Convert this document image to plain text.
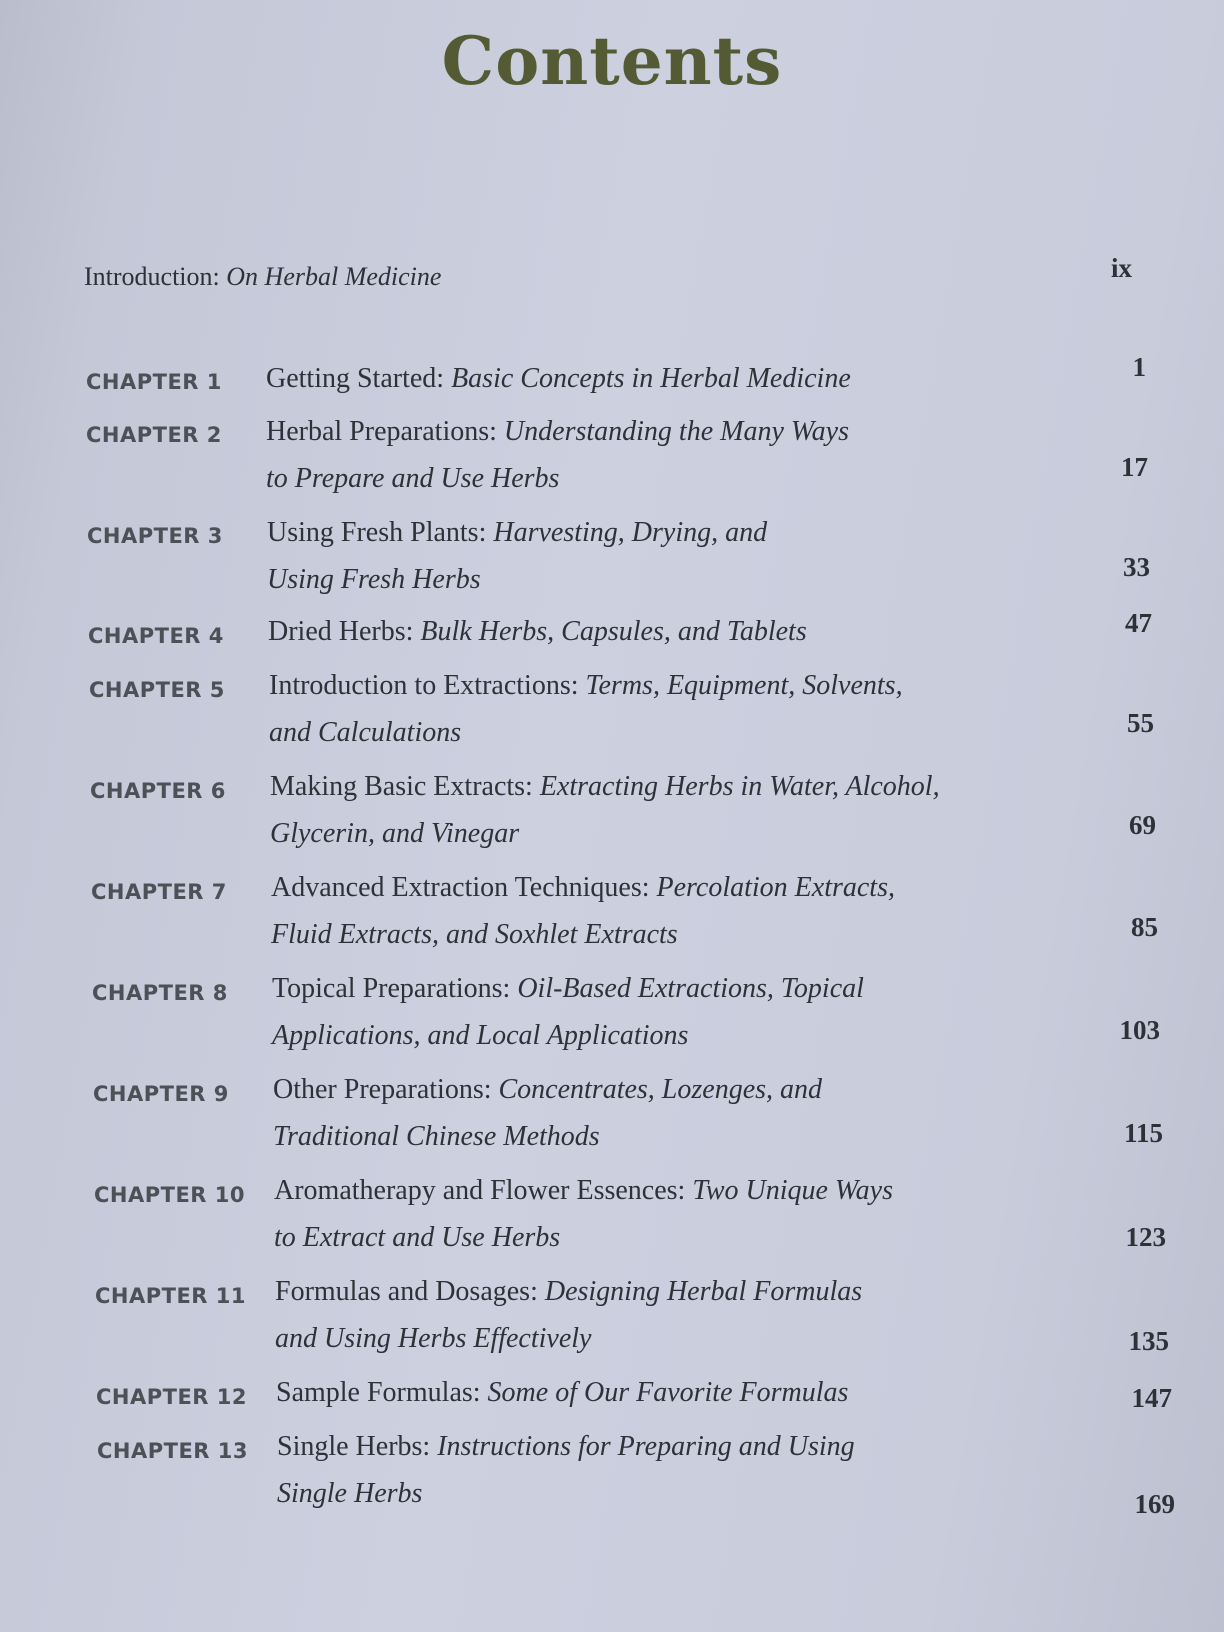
Contents
Introduction: On Herbal Medicine	ix
CHAPTER 1 Getting Started: Basic Concepts in Herbal Medicine	1
CHAPTER 2 Herbal Preparations: Understanding the Many Ways
to Prepare and Use Herbs	17
CHAPTER 3 Using Fresh Plants: Harvesting, Drying, and
Using Fresh Herbs	33
CHAPTER 4 Dried Herbs: Bulk Herbs, Capsules, and Tablets	47
CHAPTER 5 Introduction to Extractions: Terms, Equipment, Solvents,
and Calculations	55
CHAPTER 6 Making Basic Extracts: Extracting Herbs in Water, Alcohol,
Glycerin, and Vinegar	69
CHAPTER 7 Advanced Extraction Techniques: Percolation Extracts,
Fluid Extracts, and Soxhlet Extracts	85
CHAPTER 8 Topical Preparations: Oil-Based Extractions, Topical
Applications, and Local Applications	103
CHAPTER 9 Other Preparations: Concentrates, Lozenges, and
Traditional Chinese Methods	115
CHAPTER 10 Aromatherapy and Flower Essences: Two Unique Ways
to Extract and Use Herbs	123
CHAPTER 11 Formulas and Dosages: Designing Herbal Formulas
and Using Herbs Effectively	135
CHAPTER 12 Sample Formulas: Some of Our Favorite Formulas	147
CHAPTER 13 Single Herbs: Instructions for Preparing and Using
Single Herbs	169
